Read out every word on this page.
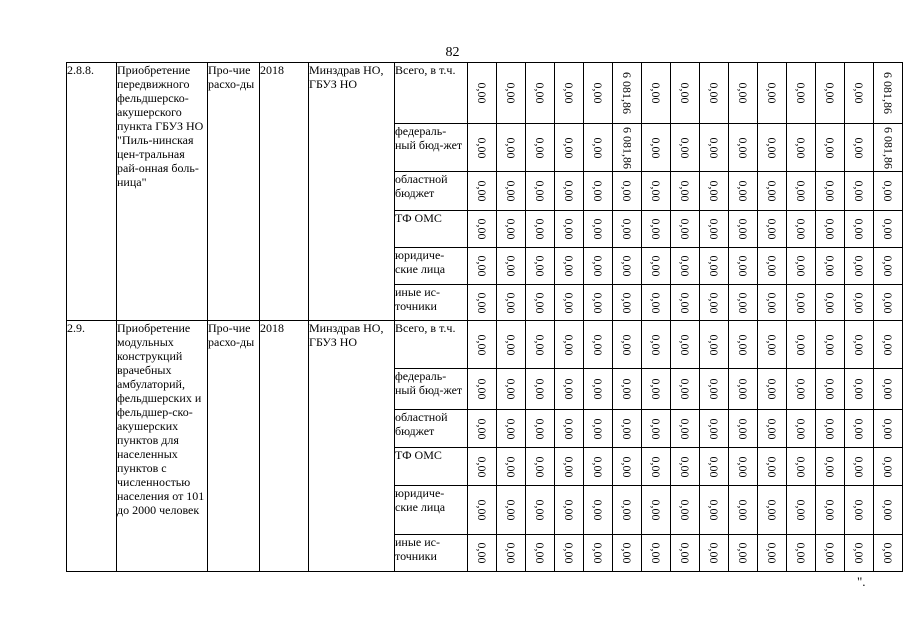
82
2.8.8.	Приобретение передвижного фельдшерско-акушерского пункта ГБУЗ НО "Пиль-нинская цен-тральная рай-онная боль-ница"	Про-чие расхо-ды	2018	Минздрав НО, ГБУЗ НО	Всего, в т.ч.	0,00	0,00	0,00	0,00	0,00	6 081,86	0,00	0,00	0,00	0,00	0,00	0,00	0,00	0,00	6 081,86

					федераль-ный бюд-жет	0,00	0,00	0,00	0,00	0,00	6 081,86	0,00	0,00	0,00	0,00	0,00	0,00	0,00	0,00	6 081,86

					областной бюджет	0,00	0,00	0,00	0,00	0,00	0,00	0,00	0,00	0,00	0,00	0,00	0,00	0,00	0,00	0,00

					ТФ ОМС	0,00	0,00	0,00	0,00	0,00	0,00	0,00	0,00	0,00	0,00	0,00	0,00	0,00	0,00	0,00

					юридиче-ские лица	0,00	0,00	0,00	0,00	0,00	0,00	0,00	0,00	0,00	0,00	0,00	0,00	0,00	0,00	0,00

					иные ис-точники	0,00	0,00	0,00	0,00	0,00	0,00	0,00	0,00	0,00	0,00	0,00	0,00	0,00	0,00	0,00

2.9.	Приобретение модульных конструкций врачебных амбулаторий, фельдшерских и фельдшер-ско-акушерских пунктов для населенных пунктов с численностью населения от 101 до 2000 человек	Про-чие расхо-ды	2018	Минздрав НО, ГБУЗ НО	Всего, в т.ч.	0,00	0,00	0,00	0,00	0,00	0,00	0,00	0,00	0,00	0,00	0,00	0,00	0,00	0,00	0,00

					федераль-ный бюд-жет	0,00	0,00	0,00	0,00	0,00	0,00	0,00	0,00	0,00	0,00	0,00	0,00	0,00	0,00	0,00

					областной бюджет	0,00	0,00	0,00	0,00	0,00	0,00	0,00	0,00	0,00	0,00	0,00	0,00	0,00	0,00	0,00

					ТФ ОМС	0,00	0,00	0,00	0,00	0,00	0,00	0,00	0,00	0,00	0,00	0,00	0,00	0,00	0,00	0,00

					юридиче-ские лица	0,00	0,00	0,00	0,00	0,00	0,00	0,00	0,00	0,00	0,00	0,00	0,00	0,00	0,00	0,00

					иные ис-точники	0,00	0,00	0,00	0,00	0,00	0,00	0,00	0,00	0,00	0,00	0,00	0,00	0,00	0,00	0,00
".
